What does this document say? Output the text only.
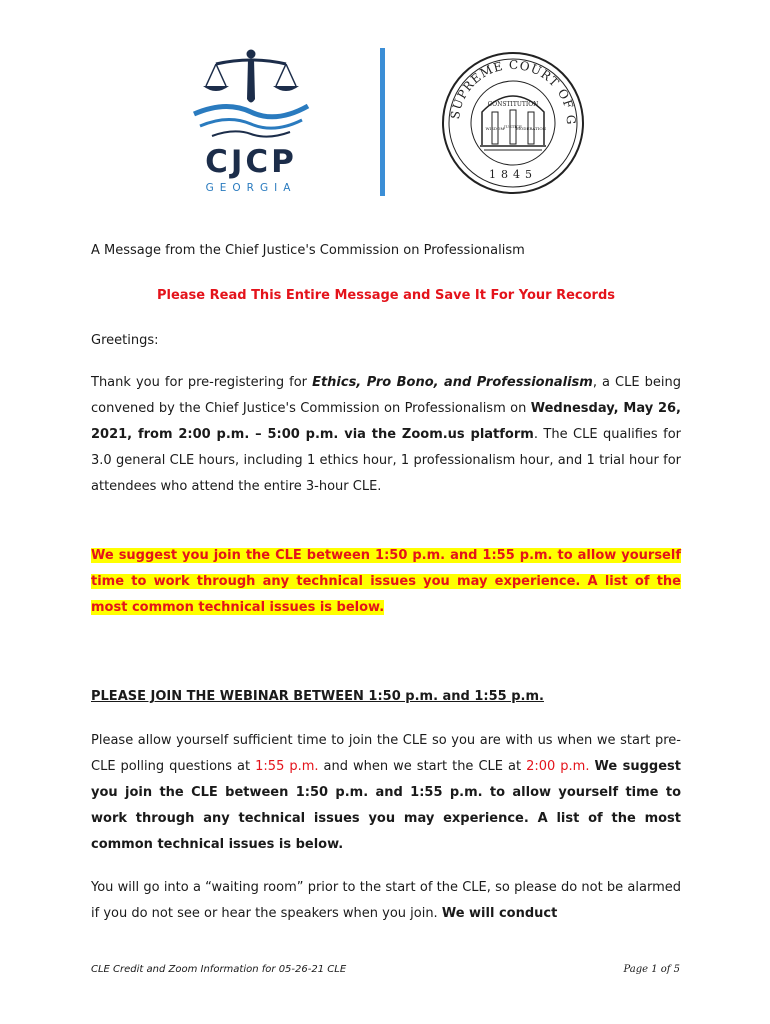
CJCP
GEORGIA
SUPREME COURT OF G
1845
CONSTITUTION
WISDOM JUSTICE
MODERATION

A Message from the Chief Justice's Commission on Professionalism

Please Read This Entire Message and Save It For Your Records

Greetings:

Thank you for pre-registering for Ethics, Pro Bono, and Professionalism, a CLE being convened by the Chief Justice's Commission on Professionalism on Wednesday, May 26, 2021, from 2:00 p.m. – 5:00 p.m. via the Zoom.us platform. The CLE qualifies for 3.0 general CLE hours, including 1 ethics hour, 1 professionalism hour, and 1 trial hour for attendees who attend the entire 3-hour CLE.

We suggest you join the CLE between 1:50 p.m. and 1:55 p.m. to allow yourself time to work through any technical issues you may experience. A list of the most common technical issues is below.

PLEASE JOIN THE WEBINAR BETWEEN 1:50 p.m. and 1:55 p.m.

Please allow yourself sufficient time to join the CLE so you are with us when we start pre-CLE polling questions at 1:55 p.m. and when we start the CLE at 2:00 p.m. We suggest you join the CLE between 1:50 p.m. and 1:55 p.m. to allow yourself time to work through any technical issues you may experience. A list of the most common technical issues is below.

You will go into a “waiting room” prior to the start of the CLE, so please do not be alarmed if you do not see or hear the speakers when you join. We will conduct

CLE Credit and Zoom Information for 05-26-21 CLE	Page 1 of 5
